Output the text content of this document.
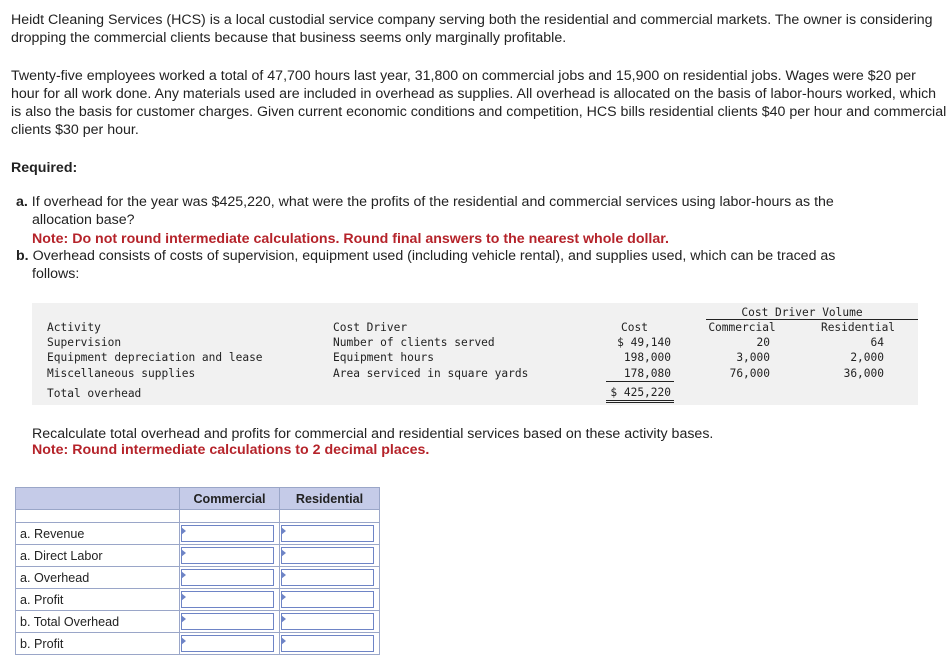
Heidt Cleaning Services (HCS) is a local custodial service company serving both the residential and commercial markets. The owner is considering dropping the commercial clients because that business seems only marginally profitable.

Twenty-five employees worked a total of 47,700 hours last year, 31,800 on commercial jobs and 15,900 on residential jobs. Wages were $20 per hour for all work done. Any materials used are included in overhead as supplies. All overhead is allocated on the basis of labor-hours worked, which is also the basis for customer charges. Given current economic conditions and competition, HCS bills residential clients $40 per hour and commercial clients $30 per hour.

Required:
a. If overhead for the year was $425,220, what were the profits of the residential and commercial services using labor-hours as the
allocation base?
Note: Do not round intermediate calculations. Round final answers to the nearest whole dollar.
b. Overhead consists of costs of supervision, equipment used (including vehicle rental), and supplies used, which can be traced as
follows:
Cost Driver Volume
Activity	Cost Driver	Cost	Commercial	Residential
Supervision	Number of clients served	$ 49,140	20	64
Equipment depreciation and lease	Equipment hours	198,000	3,000	2,000
Miscellaneous supplies	Area serviced in square yards	178,080	76,000	36,000
Total overhead	$ 425,220
Recalculate total overhead and profits for commercial and residential services based on these activity bases.
Note: Round intermediate calculations to 2 decimal places.
	Commercial	Residential

a. Revenue	

a. Direct Labor	

a. Overhead	

a. Profit	

b. Total Overhead	

b. Profit	
